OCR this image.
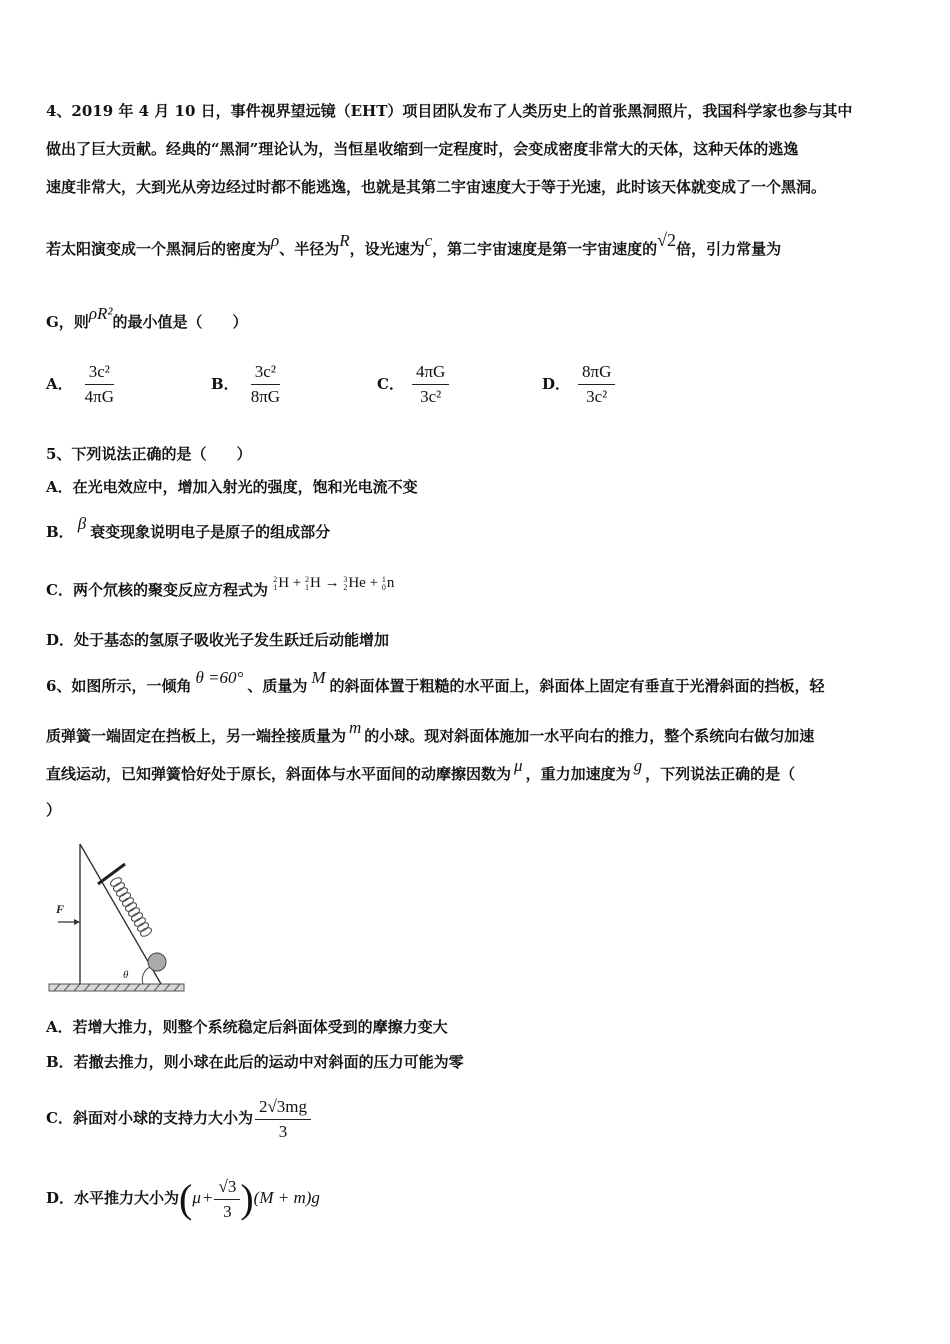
4、2019 年 4 月 10 日，事件视界望远镜（EHT）项目团队发布了人类历史上的首张黑洞照片，我国科学家也参与其中
做出了巨大贡献。经典的“黑洞”理论认为，当恒星收缩到一定程度时，会变成密度非常大的天体，这种天体的逃逸
速度非常大，大到光从旁边经过时都不能逃逸，也就是其第二宇宙速度大于等于光速，此时该天体就变成了一个黑洞。
若太阳演变成一个黑洞后的密度为ρ、半径为R，设光速为c，第二宇宙速度是第一宇宙速度的√2倍，引力常量为
G，则ρR²的最小值是（　　）
A． $\frac{\text{3c²}}{4\pi G}$	B． $\frac{\text{3c²}}{8\pi G}$	C． $\frac{4\pi G}{\text{3c²}}$	D． $\frac{8\pi G}{\text{3c²}}$
5、下列说法正确的是（　　）
A．在光电效应中，增加入射光的强度，饱和光电流不变
B． β 衰变现象说明电子是原子的组成部分
C．两个氘核的聚变反应方程式为
2
1 H + 2
1 H → 3
2 He + 1
0 n
D．处于基态的氢原子吸收光子发生跃迁后动能增加
6、如图所示，一倾角 θ =60° 、质量为 M 的斜面体置于粗糙的水平面上，斜面体上固定有垂直于光滑斜面的挡板，轻
质弹簧一端固定在挡板上，另一端拴接质量为 m 的小球。现对斜面体施加一水平向右的推力，整个系统向右做匀加速
直线运动，已知弹簧恰好处于原长，斜面体与水平面间的动摩擦因数为 μ ，重力加速度为 g ，下列说法正确的是（
）
F
θ
A．若增大推力，则整个系统稳定后斜面体受到的摩擦力变大
B．若撤去推力，则小球在此后的运动中对斜面的压力可能为零
C．斜面对小球的支持力大小为 $\frac{2√3mg}{3}$
D．水平推力大小为$(\mu + \frac{√3}{3} )(M + m)g$
